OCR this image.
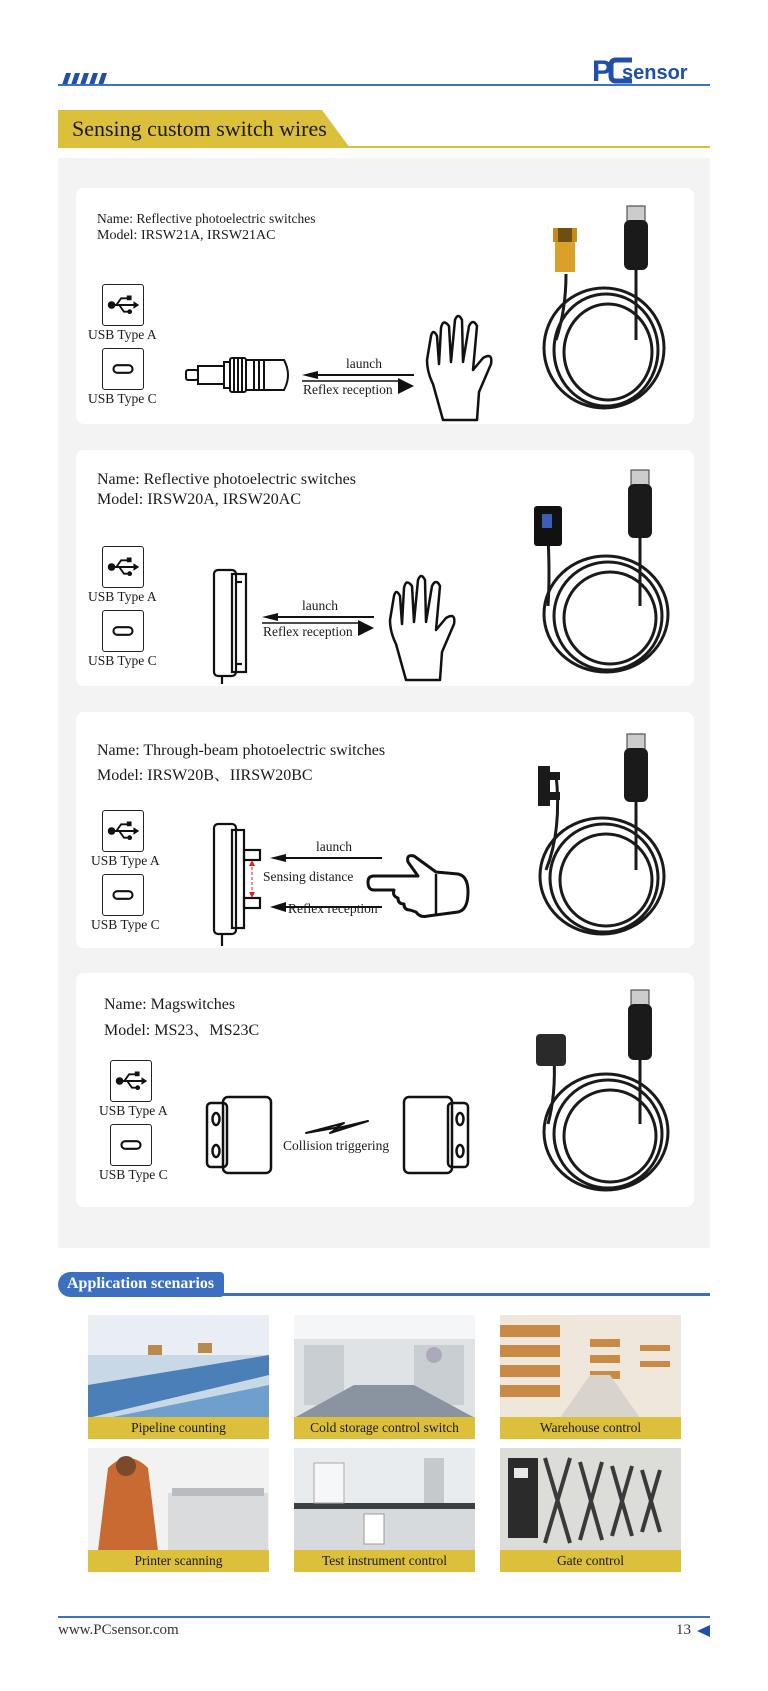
P sensor
Sensing custom switch wires
Name: Reflective photoelectric switches
Model: IRSW21A, IRSW21AC
USB Type A
USB Type C
launch
Reflex reception
Name: Reflective photoelectric switches
Model: IRSW20A, IRSW20AC
USB Type A
USB Type C
launch
Reflex reception
Name: Through-beam photoelectric switches
Model: IRSW20B、IIRSW20BC
USB Type A
USB Type C
launch
Sensing distance
Reflex reception
Name: Magswitches
Model: MS23、MS23C
USB Type A
USB Type C
Collision triggering
Application scenarios
Pipeline counting	Cold storage control switch	Warehouse control
Printer scanning	Test instrument control	Gate control
www.PCsensor.com	13
